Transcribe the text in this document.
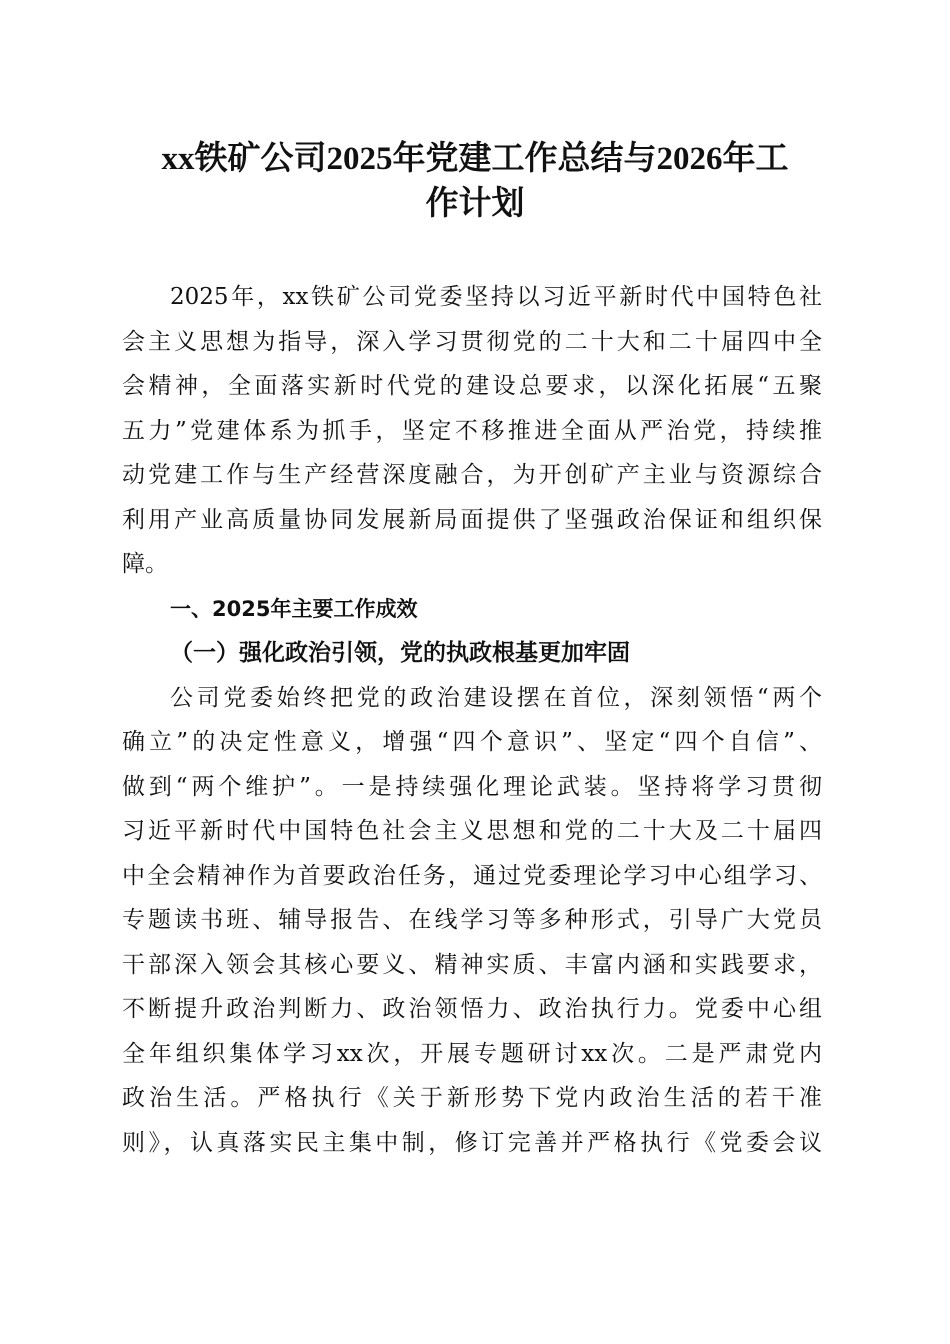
xx铁矿公司2025年党建工作总结与2026年工
作计划
2025年，xx铁矿公司党委坚持以习近平新时代中国特色社
会主义思想为指导，深入学习贯彻党的二十大和二十届四中全
会精神，全面落实新时代党的建设总要求，以深化拓展“五聚
五力”党建体系为抓手，坚定不移推进全面从严治党，持续推
动党建工作与生产经营深度融合，为开创矿产主业与资源综合
利用产业高质量协同发展新局面提供了坚强政治保证和组织保
障。
一、2025年主要工作成效
（一）强化政治引领，党的执政根基更加牢固
公司党委始终把党的政治建设摆在首位，深刻领悟“两个
确立”的决定性意义，增强“四个意识”、坚定“四个自信”、
做到“两个维护”。一是持续强化理论武装。坚持将学习贯彻
习近平新时代中国特色社会主义思想和党的二十大及二十届四
中全会精神作为首要政治任务，通过党委理论学习中心组学习、
专题读书班、辅导报告、在线学习等多种形式，引导广大党员
干部深入领会其核心要义、精神实质、丰富内涵和实践要求，
不断提升政治判断力、政治领悟力、政治执行力。党委中心组
全年组织集体学习xx次，开展专题研讨xx次。二是严肃党内
政治生活。严格执行《关于新形势下党内政治生活的若干准
则》，认真落实民主集中制，修订完善并严格执行《党委会议
